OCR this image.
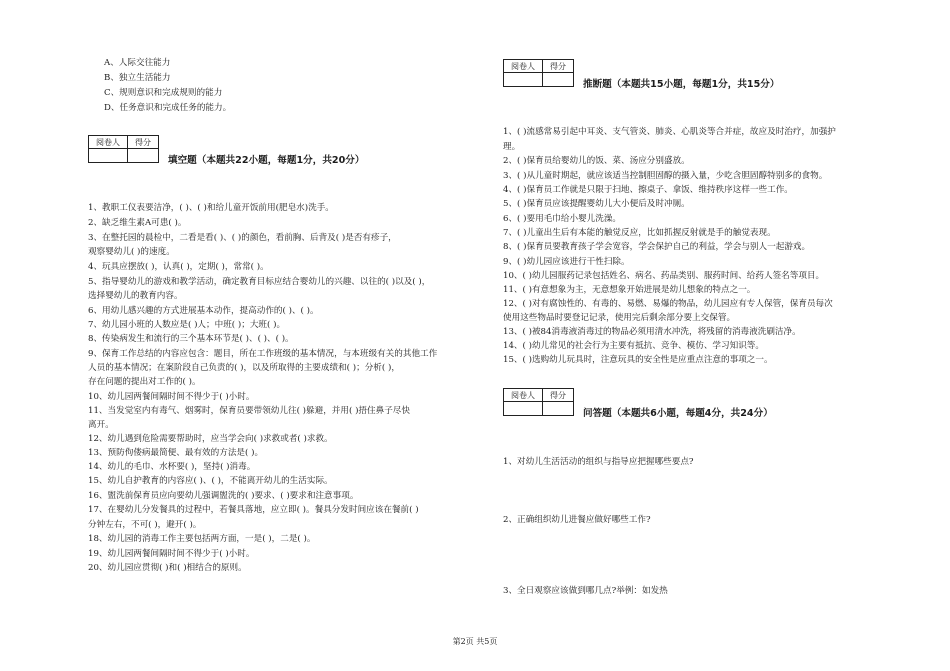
A、人际交往能力
B、独立生活能力
C、规则意识和完成规则的能力
D、任务意识和完成任务的能力。
阅卷人	得分

填空题（本题共22小题，每题1分，共20分）
1、教职工仪表要洁净，( )、( )和给儿童开饭前用(肥皂水)洗手。
2、缺乏维生素A可患( )。
3、在整托园的晨检中，二看是看( )、( )的颜色，看前胸、后背及( )是否有疹子，
观察婴幼儿( )的速度。
4、玩具应摆放( )，认真( )，定期( )，常常( )。
5、指导婴幼儿的游戏和教学活动，确定教育目标应结合婴幼儿的兴趣、以往的( )以及( )，
选择婴幼儿的教育内容。
6、用幼儿感兴趣的方式进展基本动作，提高动作的( )、( )。
7、幼儿园小班的人数应是( )人；中班( )；大班( )。
8、传染病发生和流行的三个基本环节是( )、( )、( )。
9、保育工作总结的内容应包含：题目，所在工作班级的基本情况，与本班级有关的其他工作
人员的基本情况；在案阶段自己负责的( )，以及所取得的主要成绩和( )；分析( )，
存在问题的提出对工作的( )。
10、幼儿园两餐间隔时间不得少于( )小时。
11、当发觉室内有毒气、烟雾时，保育员要带领幼儿往( )躲避，并用( )捂住鼻子尽快
离开。
12、幼儿遇到危险需要帮助时，应当学会向( )求救或者( )求救。
13、预防佝偻病最简便、最有效的方法是( )。
14、幼儿的毛巾、水杯要( )，坚持( )消毒。
15、幼儿自护教育的内容应( )、( )，不能离开幼儿的生活实际。
16、盥洗前保育员应向要幼儿强调盥洗的( )要求、( )要求和注意事项。
17、在婴幼儿分发餐具的过程中，若餐具落地，应立即( )。餐具分发时间应该在餐前( )
分钟左右，不可( )，避开( )。
18、幼儿园的消毒工作主要包括两方面，一是( )，二是( )。
19、幼儿园两餐间隔时间不得少于( )小时。
20、幼儿园应贯彻( )和( )相结合的原则。
阅卷人	得分

推断题（本题共15小题，每题1分，共15分）
1、( )流感常易引起中耳炎、支气管炎、肺炎、心肌炎等合并症，故应及时治疗，加强护
理。
2、( )保育员给婴幼儿的饭、菜、汤应分别盛放。
3、( )从儿童时期起，就应该适当控制胆固醇的摄入量，少吃含胆固醇特别多的食物。
4、( )保育员工作就是只限于扫地、擦桌子、拿饭、维持秩序这样一些工作。
5、( )保育员应该提醒婴幼儿大小便后及时冲厕。
6、( )要用毛巾给小婴儿洗澡。
7、( )儿童出生后有本能的触觉反应，比如抓握反射就是手的触觉表现。
8、( )保育员要教育孩子学会宽容，学会保护自己的利益，学会与别人一起游戏。
9、( )幼儿园应该进行干性扫除。
10、( )幼儿园服药记录包括姓名、病名、药品类别、服药时间、给药人签名等项目。
11、( )有意想象为主，无意想象开始进展是幼儿想象的特点之一。
12、( )对有腐蚀性的、有毒的、易燃、易爆的物品，幼儿园应有专人保管，保育员每次
使用这些物品时要登记记录，使用完后剩余部分要上交保管。
13、( )被84消毒液消毒过的物品必须用清水冲洗，将残留的消毒液洗刷洁净。
14、( )幼儿常见的社会行为主要有抵抗、竞争、模仿、学习知识等。
15、( )选购幼儿玩具时，注意玩具的安全性是应重点注意的事项之一。
阅卷人	得分

问答题（本题共6小题，每题4分，共24分）
1、对幼儿生活活动的组织与指导应把握哪些要点?
2、正确组织幼儿进餐应做好哪些工作?
3、全日观察应该做到哪几点?举例：如发热
第2页 共5页
